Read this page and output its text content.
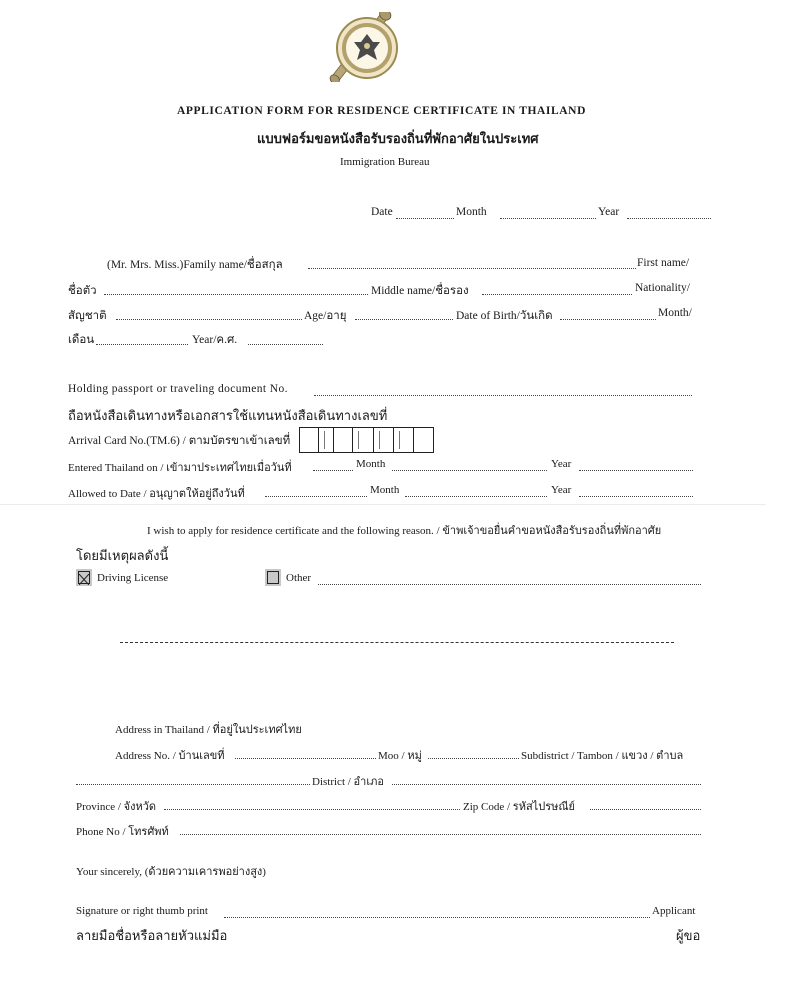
APPLICATION FORM FOR RESIDENCE CERTIFICATE IN THAILAND
แบบฟอร์มขอหนังสือรับรองถิ่นที่พักอาศัยในประเทศ
Immigration Bureau
Date	Month	Year
(Mr. Mrs. Miss.)Family name/ชื่อสกุล	First name/
ชื่อตัว	Middle name/ชื่อรอง	Nationality/
สัญชาติ	Age/อายุ	Date of Birth/วันเกิด	Month/
เดือน	Year/ค.ศ.
Holding passport or traveling document No.
ถือหนังสือเดินทางหรือเอกสารใช้แทนหนังสือเดินทางเลขที่
Arrival Card No.(TM.6) / ตามบัตรขาเข้าเลขที่
Entered Thailand on / เข้ามาประเทศไทยเมื่อวันที่	Month	Year
Allowed to Date / อนุญาตให้อยู่ถึงวันที่	Month	Year
I wish to apply for residence certificate and the following reason. / ข้าพเจ้าขอยื่นคำขอหนังสือรับรองถิ่นที่พักอาศัย
โดยมีเหตุผลดังนี้
Driving License	Other
Address in Thailand / ที่อยู่ในประเทศไทย
Address No. / บ้านเลขที่	Moo / หมู่	Subdistrict / Tambon / แขวง / ตำบล
District / อำเภอ
Province / จังหวัด	Zip Code / รหัสไปรษณีย์
Phone No / โทรศัพท์
Your sincerely, (ด้วยความเคารพอย่างสูง)
Signature or right thumb print	Applicant
ลายมือชื่อหรือลายหัวแม่มือ	ผู้ขอ
